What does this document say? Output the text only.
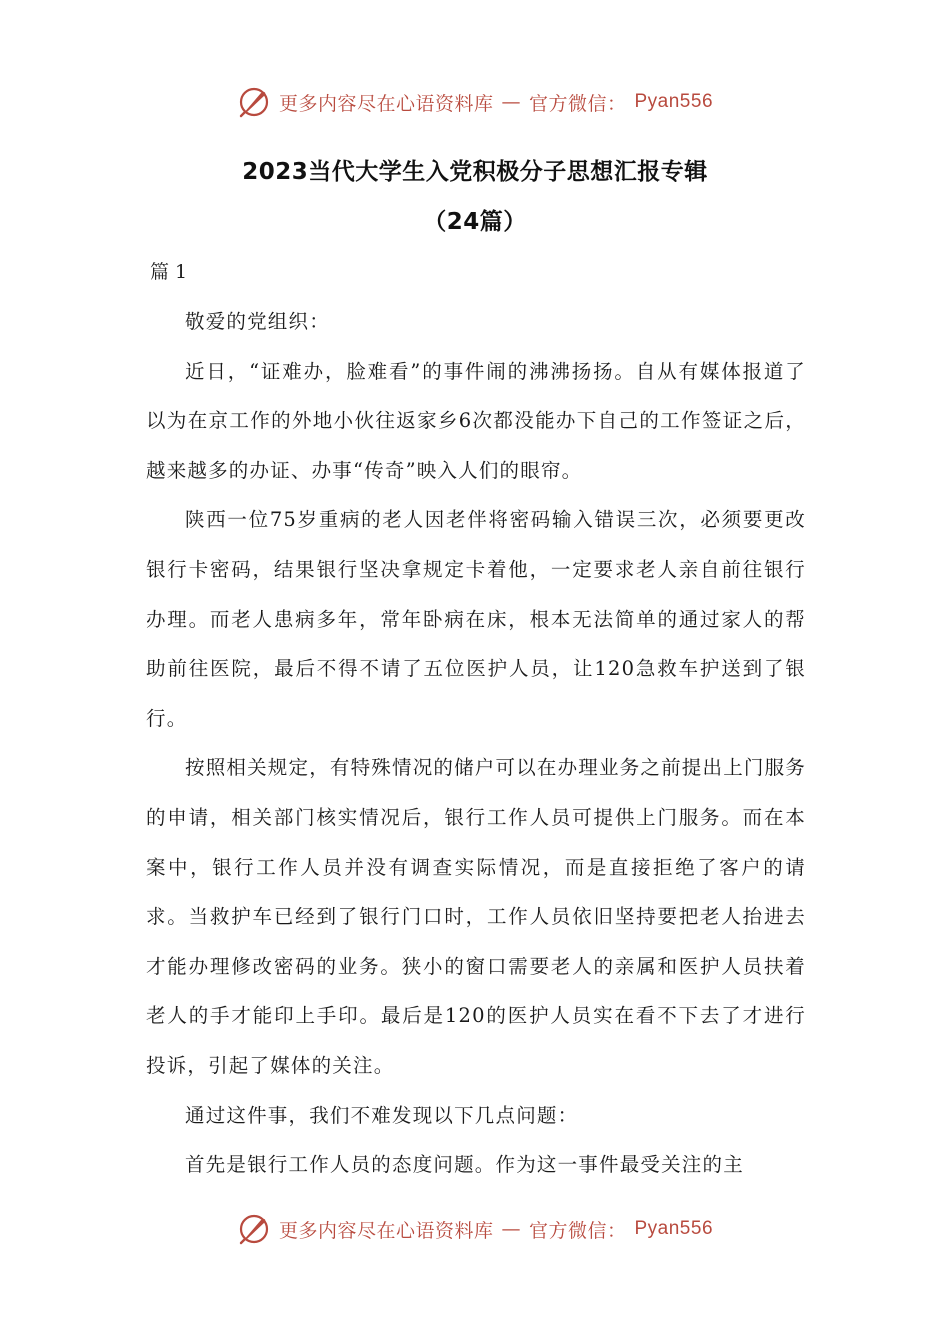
更多内容尽在心语资料库 — 官方微信： Pyan556
2023当代大学生入党积极分子思想汇报专辑
（24篇）
篇 1

敬爱的党组织：

近日，“证难办，脸难看”的事件闹的沸沸扬扬。自从有媒体报道了以为在京工作的外地小伙往返家乡6次都没能办下自己的工作签证之后，越来越多的办证、办事“传奇”映入人们的眼帘。

陕西一位75岁重病的老人因老伴将密码输入错误三次，必须要更改银行卡密码，结果银行坚决拿规定卡着他，一定要求老人亲自前往银行办理。而老人患病多年，常年卧病在床，根本无法简单的通过家人的帮助前往医院，最后不得不请了五位医护人员，让120急救车护送到了银行。

按照相关规定，有特殊情况的储户可以在办理业务之前提出上门服务的申请，相关部门核实情况后，银行工作人员可提供上门服务。而在本案中，银行工作人员并没有调查实际情况，而是直接拒绝了客户的请求。当救护车已经到了银行门口时，工作人员依旧坚持要把老人抬进去才能办理修改密码的业务。狭小的窗口需要老人的亲属和医护人员扶着老人的手才能印上手印。最后是120的医护人员实在看不下去了才进行投诉，引起了媒体的关注。

通过这件事，我们不难发现以下几点问题：

首先是银行工作人员的态度问题。作为这一事件最受关注的主

更多内容尽在心语资料库 — 官方微信： Pyan556
